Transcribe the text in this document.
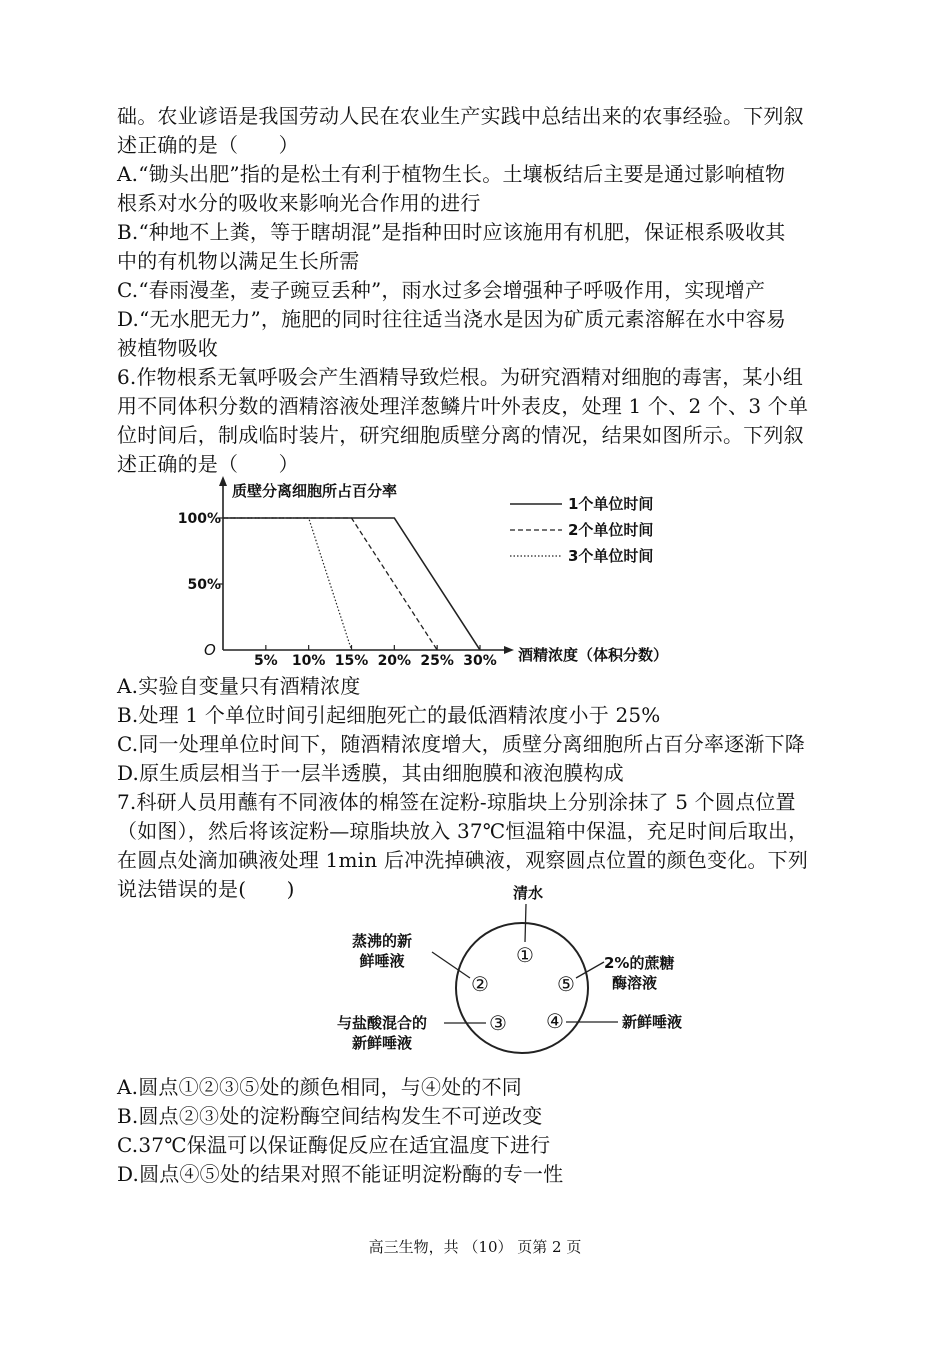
础。农业谚语是我国劳动人民在农业生产实践中总结出来的农事经验。下列叙
述正确的是（　　）
A.“锄头出肥”指的是松土有利于植物生长。土壤板结后主要是通过影响植物
根系对水分的吸收来影响光合作用的进行
B.“种地不上粪，等于瞎胡混”是指种田时应该施用有机肥，保证根系吸收其
中的有机物以满足生长所需
C.“春雨漫垄，麦子豌豆丢种”，雨水过多会增强种子呼吸作用，实现增产
D.“无水肥无力”，施肥的同时往往适当浇水是因为矿质元素溶解在水中容易
被植物吸收
6.作物根系无氧呼吸会产生酒精导致烂根。为研究酒精对细胞的毒害，某小组
用不同体积分数的酒精溶液处理洋葱鳞片叶外表皮，处理 1 个、2 个、3 个单
位时间后，制成临时装片，研究细胞质壁分离的情况，结果如图所示。下列叙
述正确的是（　　）
质壁分离细胞所占百分率
O	酒精浓度（体积分数）
5% 10% 15% 20% 25% 30%
50%
100%
1个单位时间
2个单位时间
3个单位时间
A.实验自变量只有酒精浓度
B.处理 1 个单位时间引起细胞死亡的最低酒精浓度小于 25%
C.同一处理单位时间下，随酒精浓度增大，质壁分离细胞所占百分率逐渐下降
D.原生质层相当于一层半透膜，其由细胞膜和液泡膜构成
7.科研人员用蘸有不同液体的棉签在淀粉-琼脂块上分别涂抹了 5 个圆点位置
（如图），然后将该淀粉—琼脂块放入 37℃恒温箱中保温，充足时间后取出，
在圆点处滴加碘液处理 1min 后冲洗掉碘液，观察圆点位置的颜色变化。下列
说法错误的是(　　)	清水
①
蒸沸的新
鲜唾液
②
与盐酸混合的
新鲜唾液
③ ④	新鲜唾液
⑤
2%的蔗糖
酶溶液
A.圆点①②③⑤处的颜色相同，与④处的不同
B.圆点②③处的淀粉酶空间结构发生不可逆改变
C.37℃保温可以保证酶促反应在适宜温度下进行
D.圆点④⑤处的结果对照不能证明淀粉酶的专一性
高三生物，共 （10） 页第 2 页
